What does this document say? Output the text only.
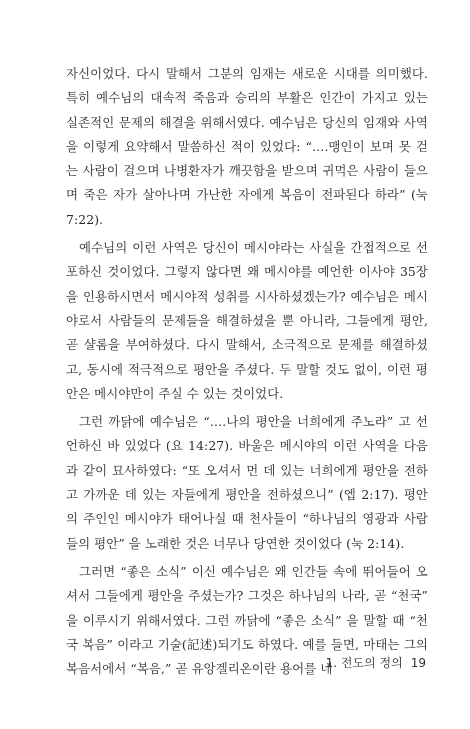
자신이었다. 다시 말해서 그분의 임재는 새로운 시대를 의미했다. 특히 예수님의 대속적 죽음과 승리의 부활은 인간이 가지고 있는 실존적인 문제의 해결을 위해서였다. 예수님은 당신의 임재와 사역을 이렇게 요약해서 말씀하신 적이 있었다: “….맹인이 보며 못 걷는 사람이 걸으며 나병환자가 깨끗함을 받으며 귀먹은 사람이 들으며 죽은 자가 살아나며 가난한 자에게 복음이 전파된다 하라” (눅 7:22).

예수님의 이런 사역은 당신이 메시야라는 사실을 간접적으로 선포하신 것이었다. 그렇지 않다면 왜 메시야를 예언한 이사야 35장을 인용하시면서 메시야적 성취를 시사하셨겠는가? 예수님은 메시야로서 사람들의 문제들을 해결하셨을 뿐 아니라, 그들에게 평안, 곧 샬롬을 부여하셨다. 다시 말해서, 소극적으로 문제를 해결하셨고, 동시에 적극적으로 평안을 주셨다. 두 말할 것도 없이, 이런 평안은 메시야만이 주실 수 있는 것이었다.

그런 까닭에 예수님은 “….나의 평안을 너희에게 주노라” 고 선언하신 바 있었다 (요 14:27). 바울은 메시야의 이런 사역을 다음과 같이 묘사하였다: “또 오셔서 먼 데 있는 너희에게 평안을 전하고 가까운 데 있는 자들에게 평안을 전하셨으니” (엡 2:17). 평안의 주인인 메시야가 태어나실 때 천사들이 “하나님의 영광과 사람들의 평안” 을 노래한 것은 너무나 당연한 것이었다 (눅 2:14).

그러면 “좋은 소식” 이신 예수님은 왜 인간들 속에 뛰어들어 오셔서 그들에게 평안을 주셨는가? 그것은 하나님의 나라, 곧 “천국” 을 이루시기 위해서였다. 그런 까닭에 “좋은 소식” 을 말할 때 “천국 복음” 이라고 기술(記述)되기도 하였다. 예를 들면, 마태는 그의 복음서에서 “복음,” 곧 유앙겔리온이란 용어를 네

1. 전도의 정의 19
